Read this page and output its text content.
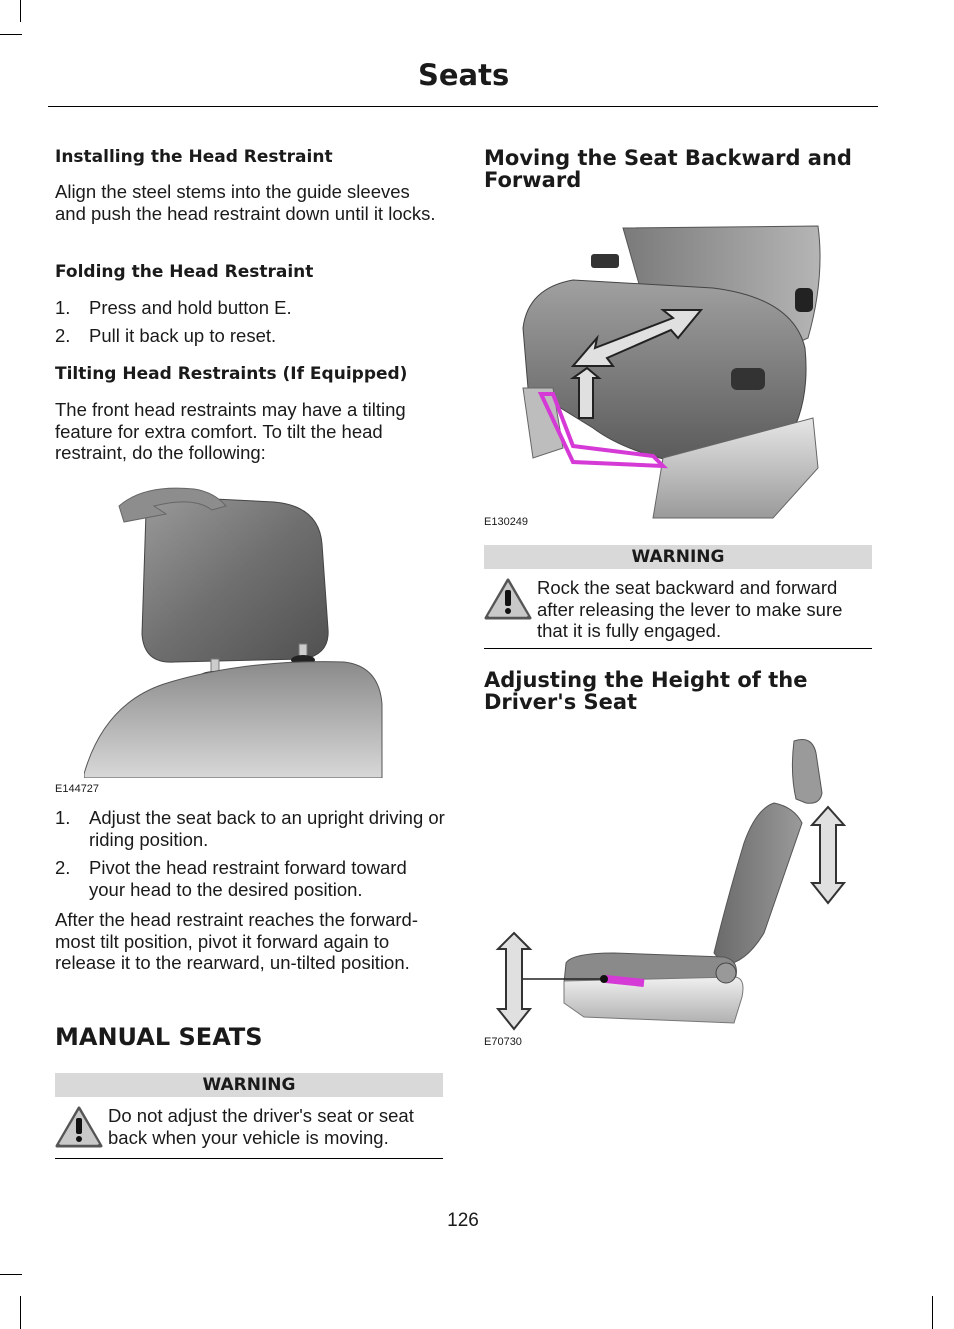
Seats
Installing the Head Restraint
Align the steel stems into the guide sleeves and push the head restraint down until it locks.
Folding the Head Restraint
1. Press and hold button E.
2. Pull it back up to reset.
Tilting Head Restraints (If Equipped)
The front head restraints may have a tilting feature for extra comfort. To tilt the head restraint, do the following:
E144727
1. Adjust the seat back to an upright driving or riding position.
2. Pivot the head restraint forward toward your head to the desired position.
After the head restraint reaches the forward-most tilt position, pivot it forward again to release it to the rearward, un-tilted position.
MANUAL SEATS
WARNING
Do not adjust the driver's seat or seat back when your vehicle is moving.
Moving the Seat Backward and Forward
E130249
WARNING
Rock the seat backward and forward after releasing the lever to make sure that it is fully engaged.
Adjusting the Height of the Driver's Seat
E70730
126
